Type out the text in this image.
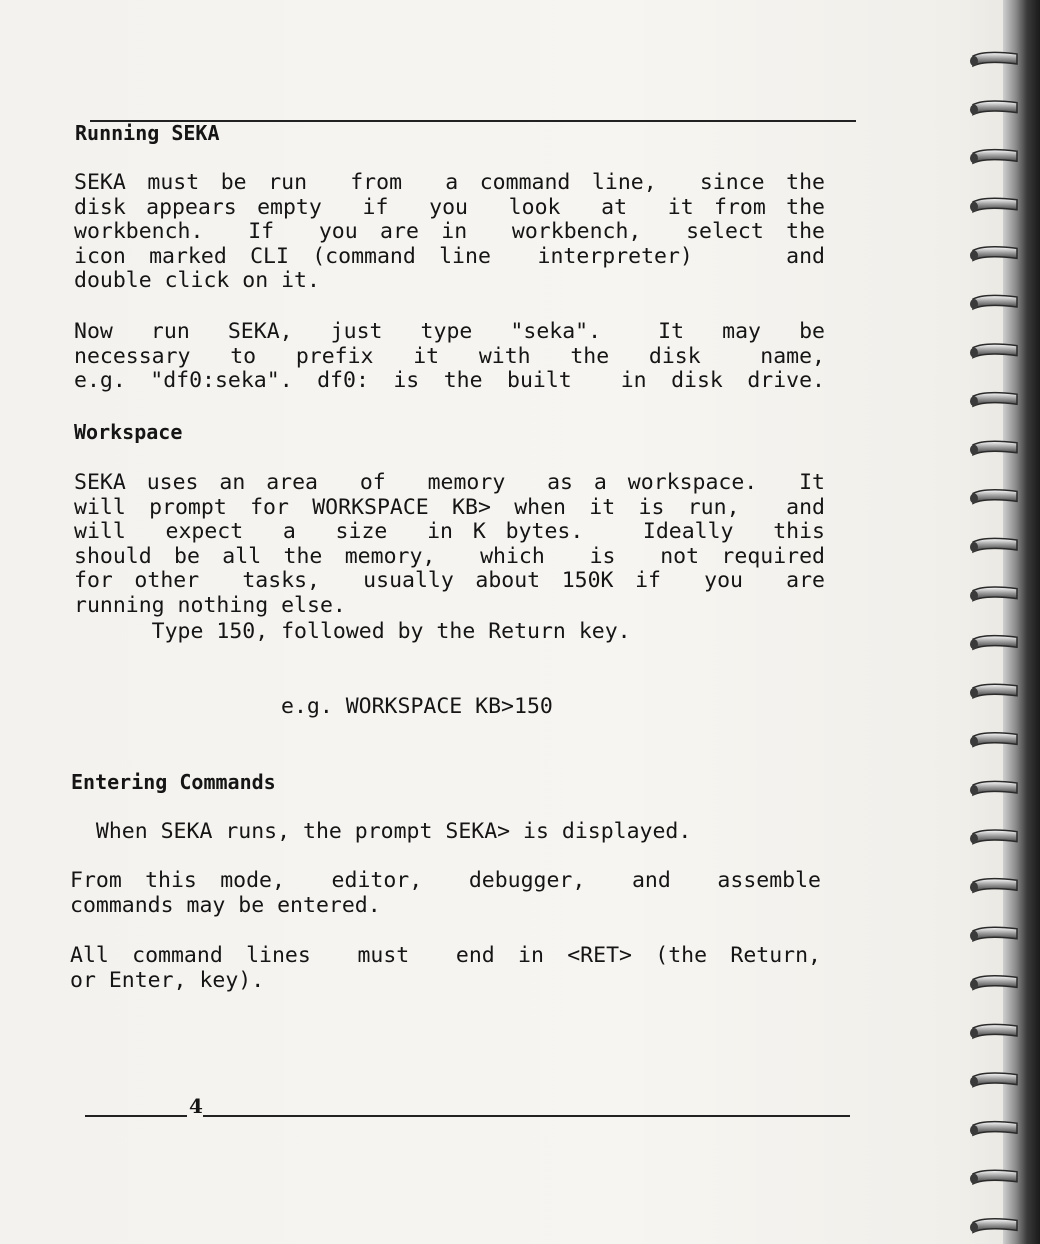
Running SEKA
SEKA must be run  from  a command line,  since the
disk appears empty  if  you  look  at  it from the
workbench.  If  you are in  workbench,  select the
icon marked CLI (command line  interpreter)    and
double click on it.
Now  run  SEKA,  just  type  "seka".   It  may  be
necessary  to  prefix  it  with  the  disk   name,
e.g. "df0:seka". df0: is the built  in disk drive.
Workspace
SEKA uses an area  of  memory  as a workspace.  It
will prompt for WORKSPACE KB> when it is run,  and
will  expect  a  size  in K bytes.   Ideally  this
should be all the memory,  which  is  not required
for other  tasks,  usually about 150K if  you  are
running nothing else.
Type 150, followed by the Return key.
e.g. WORKSPACE KB>150
Entering Commands
When SEKA runs, the prompt SEKA> is displayed.
From this mode,  editor,  debugger,  and  assemble
commands may be entered.
All command lines  must  end in <RET> (the Return,
or Enter, key).
4
